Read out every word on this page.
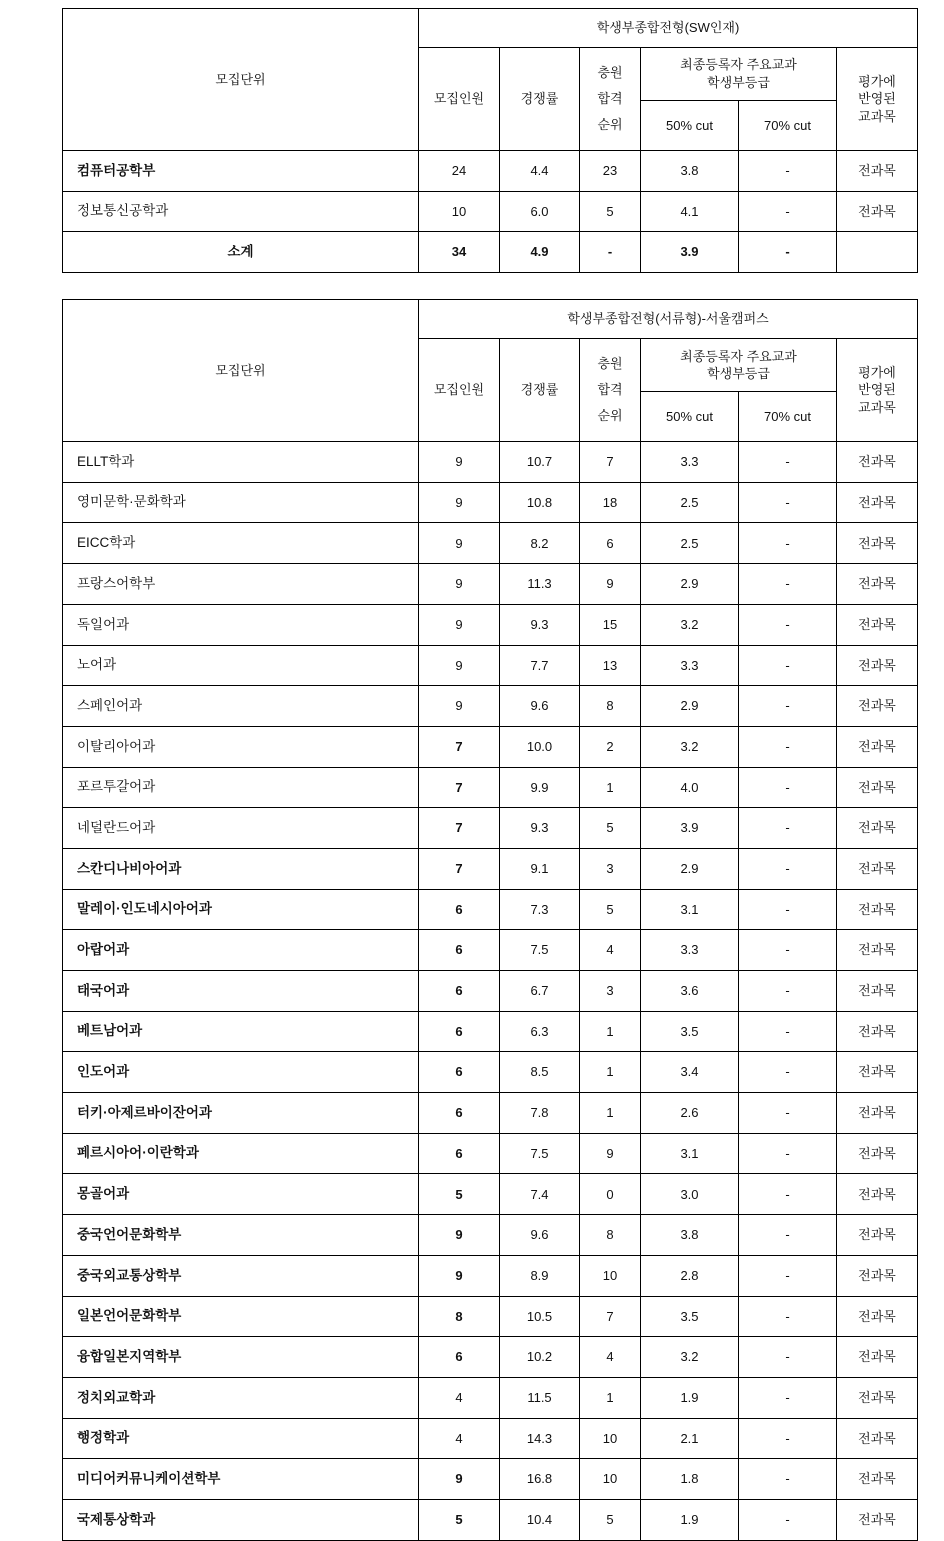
모집단위	학생부종합전형(SW인재)					
	모집인원	경쟁률	충원
합격
순위	최종등록자 주요교과
학생부등급		평가에
반영된
교과목

				50% cut	70% cut	
컴퓨터공학부	24	4.4	23	3.8	-	전과목
정보통신공학과	10	6.0	5	4.1	-	전과목
소계	34	4.9	-	3.9	-	
모집단위	학생부종합전형(서류형)-서울캠퍼스					
	모집인원	경쟁률	충원
합격
순위	최종등록자 주요교과
학생부등급		평가에
반영된
교과목

				50% cut	70% cut	
ELLT학과	9	10.7	7	3.3	-	전과목
영미문학·문화학과	9	10.8	18	2.5	-	전과목
EICC학과	9	8.2	6	2.5	-	전과목
프랑스어학부	9	11.3	9	2.9	-	전과목
독일어과	9	9.3	15	3.2	-	전과목
노어과	9	7.7	13	3.3	-	전과목
스페인어과	9	9.6	8	2.9	-	전과목
이탈리아어과	7	10.0	2	3.2	-	전과목
포르투갈어과	7	9.9	1	4.0	-	전과목
네덜란드어과	7	9.3	5	3.9	-	전과목
스칸디나비아어과	7	9.1	3	2.9	-	전과목
말레이·인도네시아어과	6	7.3	5	3.1	-	전과목
아랍어과	6	7.5	4	3.3	-	전과목
태국어과	6	6.7	3	3.6	-	전과목
베트남어과	6	6.3	1	3.5	-	전과목
인도어과	6	8.5	1	3.4	-	전과목
터키·아제르바이잔어과	6	7.8	1	2.6	-	전과목
페르시아어·이란학과	6	7.5	9	3.1	-	전과목
몽골어과	5	7.4	0	3.0	-	전과목
중국언어문화학부	9	9.6	8	3.8	-	전과목
중국외교통상학부	9	8.9	10	2.8	-	전과목
일본언어문화학부	8	10.5	7	3.5	-	전과목
융합일본지역학부	6	10.2	4	3.2	-	전과목
정치외교학과	4	11.5	1	1.9	-	전과목
행정학과	4	14.3	10	2.1	-	전과목
미디어커뮤니케이션학부	9	16.8	10	1.8	-	전과목
국제통상학과	5	10.4	5	1.9	-	전과목
